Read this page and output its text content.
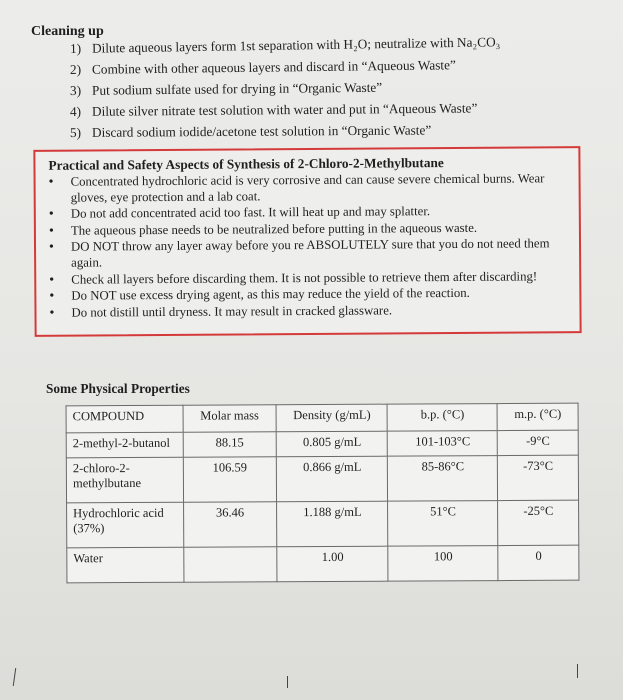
Cleaning up
1) Dilute aqueous layers form 1st separation with H₂O; neutralize with Na₂CO₃
2) Combine with other aqueous layers and discard in “Aqueous Waste”
3) Put sodium sulfate used for drying in “Organic Waste”
4) Dilute silver nitrate test solution with water and put in “Aqueous Waste”
5) Discard sodium iodide/acetone test solution in “Organic Waste”
Practical and Safety Aspects of Synthesis of 2-Chloro-2-Methylbutane
• Concentrated hydrochloric acid is very corrosive and can cause severe chemical burns. Wear gloves, eye protection and a lab coat.
• Do not add concentrated acid too fast. It will heat up and may splatter.
• The aqueous phase needs to be neutralized before putting in the aqueous waste.
• DO NOT throw any layer away before you re ABSOLUTELY sure that you do not need them again.
• Check all layers before discarding them. It is not possible to retrieve them after discarding!
• Do NOT use excess drying agent, as this may reduce the yield of the reaction.
• Do not distill until dryness. It may result in cracked glassware.
Some Physical Properties
COMPOUND	Molar mass	Density (g/mL)	b.p. (°C)	m.p. (°C)
2-methyl-2-butanol	88.15	0.805 g/mL	101-103°C	-9°C
2-chloro-2-methylbutane	106.59	0.866 g/mL	85-86°C	-73°C
Hydrochloric acid (37%)	36.46	1.188 g/mL	51°C	-25°C
Water		1.00	100	0
